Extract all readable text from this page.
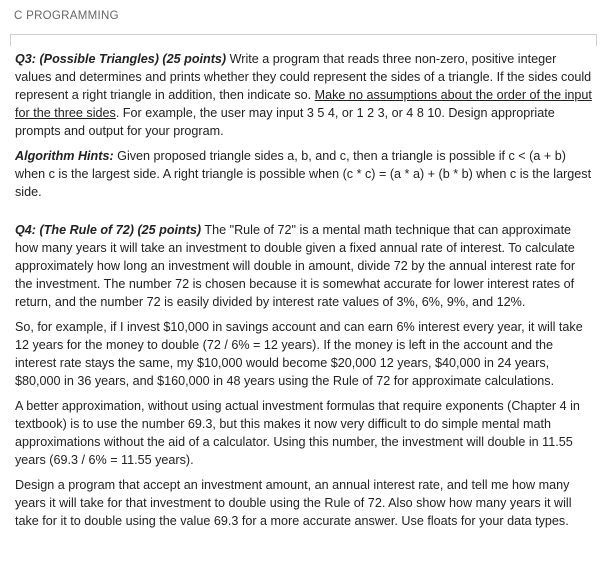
C PROGRAMMING

Q3: (Possible Triangles) (25 points) Write a program that reads three non-zero, positive integer values and determines and prints whether they could represent the sides of a triangle. If the sides could represent a right triangle in addition, then indicate so. Make no assumptions about the order of the input for the three sides. For example, the user may input 3 5 4, or 1 2 3, or 4 8 10. Design appropriate prompts and output for your program.

Algorithm Hints: Given proposed triangle sides a, b, and c, then a triangle is possible if c < (a + b) when c is the largest side. A right triangle is possible when (c * c) = (a * a) + (b * b) when c is the largest side.

Q4: (The Rule of 72) (25 points) The "Rule of 72" is a mental math technique that can approximate how many years it will take an investment to double given a fixed annual rate of interest. To calculate approximately how long an investment will double in amount, divide 72 by the annual interest rate for the investment. The number 72 is chosen because it is somewhat accurate for lower interest rates of return, and the number 72 is easily divided by interest rate values of 3%, 6%, 9%, and 12%.

So, for example, if I invest $10,000 in savings account and can earn 6% interest every year, it will take 12 years for the money to double (72 / 6% = 12 years). If the money is left in the account and the interest rate stays the same, my $10,000 would become $20,000 12 years, $40,000 in 24 years, $80,000 in 36 years, and $160,000 in 48 years using the Rule of 72 for approximate calculations.

A better approximation, without using actual investment formulas that require exponents (Chapter 4 in textbook) is to use the number 69.3, but this makes it now very difficult to do simple mental math approximations without the aid of a calculator. Using this number, the investment will double in 11.55 years (69.3 / 6% = 11.55 years).

Design a program that accept an investment amount, an annual interest rate, and tell me how many years it will take for that investment to double using the Rule of 72. Also show how many years it will take for it to double using the value 69.3 for a more accurate answer. Use floats for your data types.
